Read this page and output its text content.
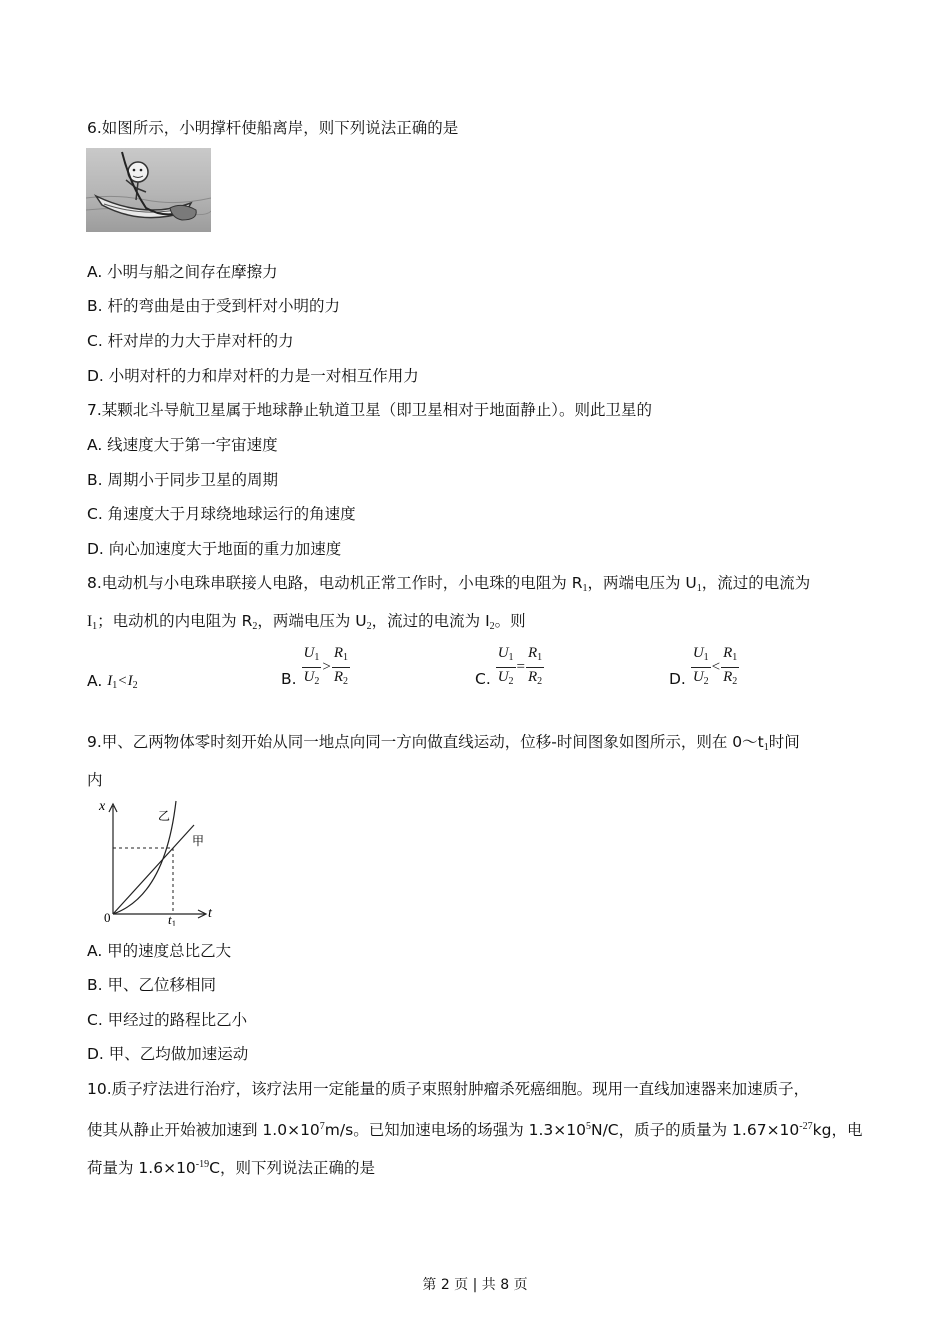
6.如图所示，小明撑杆使船离岸，则下列说法正确的是
A. 小明与船之间存在摩擦力
B. 杆的弯曲是由于受到杆对小明的力
C. 杆对岸的力大于岸对杆的力
D. 小明对杆的力和岸对杆的力是一对相互作用力
7.某颗北斗导航卫星属于地球静止轨道卫星（即卫星相对于地面静止）。则此卫星的
A. 线速度大于第一宇宙速度
B. 周期小于同步卫星的周期
C. 角速度大于月球绕地球运行的角速度
D. 向心加速度大于地面的重力加速度
8.电动机与小电珠串联接人电路，电动机正常工作时，小电珠的电阻为 $R_1$，两端电压为 $U_1$，流过的电流为
$I_1$；电动机的内电阻为 $R_2$，两端电压为 $U_2$，流过的电流为 $I_2$。则
A. $I_1<I_2$	B. $\frac{U_1}{U_2} > \frac{R_1}{R_2}$	C. $\frac{U_1}{U_2} = \frac{R_1}{R_2}$	D. $\frac{U_1}{U_2} < \frac{R_1}{R_2}$
9.甲、乙两物体零时刻开始从同一地点向同一方向做直线运动，位移-时间图象如图所示，则在 $0\sim t_1$时间
内
x
t
0	$t_1$
乙
甲
A. 甲的速度总比乙大
B. 甲、乙位移相同
C. 甲经过的路程比乙小
D. 甲、乙均做加速运动
10.质子疗法进行治疗，该疗法用一定能量的质子束照射肿瘤杀死癌细胞。现用一直线加速器来加速质子，
使其从静止开始被加速到 $1.0\times 10^7m/s$。已知加速电场的场强为 $1.3\times 10^5N/C$，质子的质量为 $1.67\times 10^{-27}kg$，电
荷量为 $1.6\times 10^{-19}C$，则下列说法正确的是
第 2 页 | 共 8 页
